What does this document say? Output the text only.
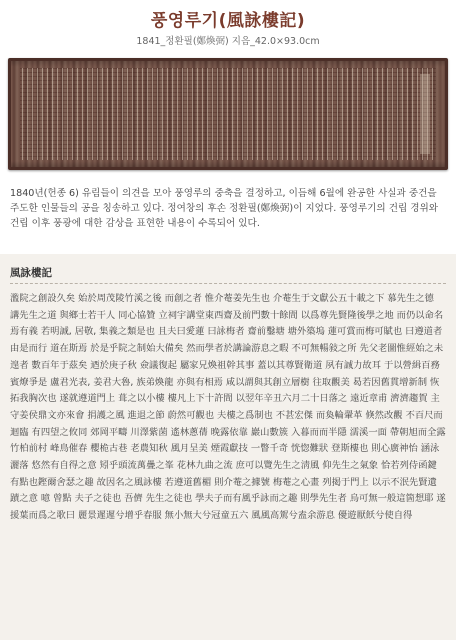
풍영루기(風詠樓記)
1841_정환필(鄭煥弼) 지음_42.0×93.0cm

1840년(헌종 6) 유림들이 의견을 모아 풍영루의 중축을 결정하고, 이듬해 6월에 완공한 사실과 중건을 주도한 인물들의 공을 칭송하고 있다. 정여창의 후손 정환필(鄭煥弼)이 지었다. 풍영루기의 건립 경위와 건립 이후 풍광에 대한 감상을 표현한 내용이 수록되어 있다.

風詠樓記

濫院之創設久矣 始於周茂陵竹溪之後 而創之者 惟介菴姜先生也 介菴生于文獻公五十載之下 慕先生之德 講先生之道 與鄉士若干人 同心協贊 立祠宇講堂東西齋及前門數十餘間 以爲尊先賢隆後學之地 而仍以命名焉有義 若明誠, 居敬, 集義之類是也 且夫曰愛蓮 曰詠梅者 齋前鑿塘 塘外築塢 蓮可賞而梅可賦也 曰遵道者 由是而行 道在斯焉 於是乎院之制始大備矣 然而學者於講論游息之暇 不可無暢敍之所 先父老圖惟經始之未遑者 數百年于茲矣 迺於庚子秋 僉議復起 屬家兄煥祖幹其事 蓋以其尊賢衛道 夙有誠力故耳 于以營緝百務 賓燎爭是 盧君光表, 姜君大魯, 族弟煥龍 亦與有相焉 咸以謂與其創立層樹 往取觀美 曷若因舊貫增新制 恢拓我胸次也 遂就遵道門上 葺之以小樓 樓凡上下十許間 以翌年辛丑六月二十日落之 遠近章甫 濟濟趨賀 主守姜侯鼎文亦來會 捐護之風 進退之節 蔚然可觀也 夫樓之爲制也 不甚宏傑 而奐輪翬革 倏然改觀 不百尺而迴臨 有四望之攸同 郊岡平疇 川澤紫菌 遙林蔥蒨 晚露依靠 巖山數簇 入暮而而半隱 濡溪一面 帶朝旭而全露 竹柏前村 峰鳥催春 櫻桅古巷 老農知秋 風月呈美 煙霞獻技 一瞥千奇 恍惚難狀 登斯樓也 則心廣神怡 涵泳灑落 悠然有自得之意 矧乎頭流萬疊之峯 花林九曲之流 庶可以覽先生之淸風 仰先生之氣象 恰若列侍函鍵 有點也鏗爾舍瑟之趣 故因名之風詠樓 若遵道舊楣 則介菴之據號 梅菴之心畫 列掲于門上 以示不泯先賢遺蹟之意 噫 曾點 夫子之徒也 吾儕 先生之徒也 學夫子而有風乎詠而之趣 則學先生者 烏可無一般這箇想耶 遂援葉而爲之歌曰 麗景遲遲兮增乎春服 無小無大兮冠童五六 風風高駕兮盍余游息 優遊厭飫兮使自得
